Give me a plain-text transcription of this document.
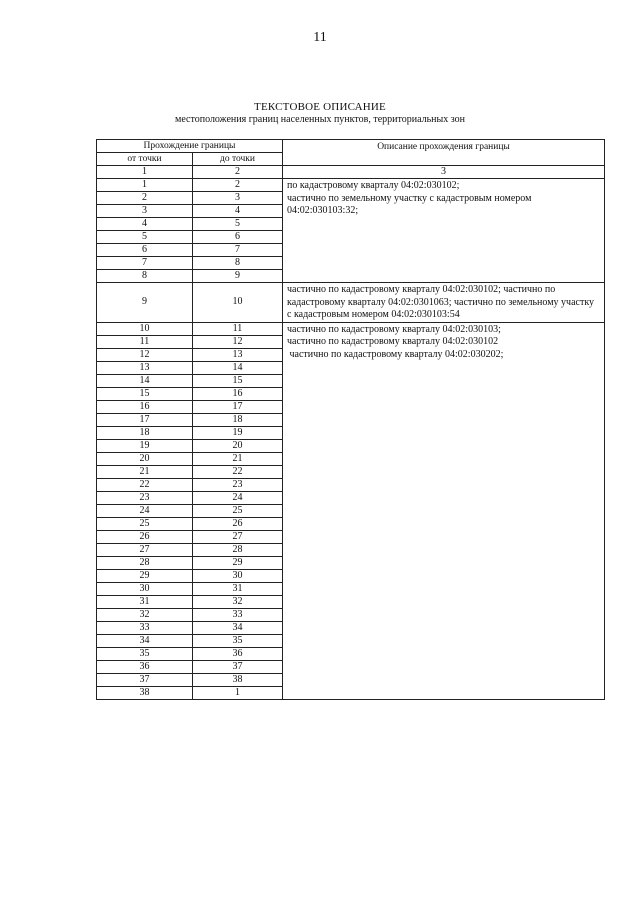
11
ТЕКСТОВОЕ ОПИСАНИЕ
местоположения границ населенных пунктов, территориальных зон
Прохождение границы		Описание прохождения границы
от точки	до точки	
1	2	3
1	2	по кадастровому кварталу 04:02:030102;

частично по земельному участку с кадастровым номером 04:02:030103:32;

2	3	
3	4	
4	5	
5	6	
6	7	
7	8	
8	9	
9	10	частично по кадастровому кварталу 04:02:030102; частично по кадастровому кварталу 04:02:0301063; частично по земельному участку с кадастровым номером 04:02:030103:54

10	11	частично по кадастровому кварталу 04:02:030103;

частично по кадастровому кварталу 04:02:030102

частично по кадастровому кварталу 04:02:030202;

11	12	
12	13	
13	14	
14	15	
15	16	
16	17	
17	18	
18	19	
19	20	
20	21	
21	22	
22	23	
23	24	
24	25	
25	26	
26	27	
27	28	
28	29	
29	30	
30	31	
31	32	
32	33	
33	34	
34	35	
35	36	
36	37	
37	38	
38	1	
